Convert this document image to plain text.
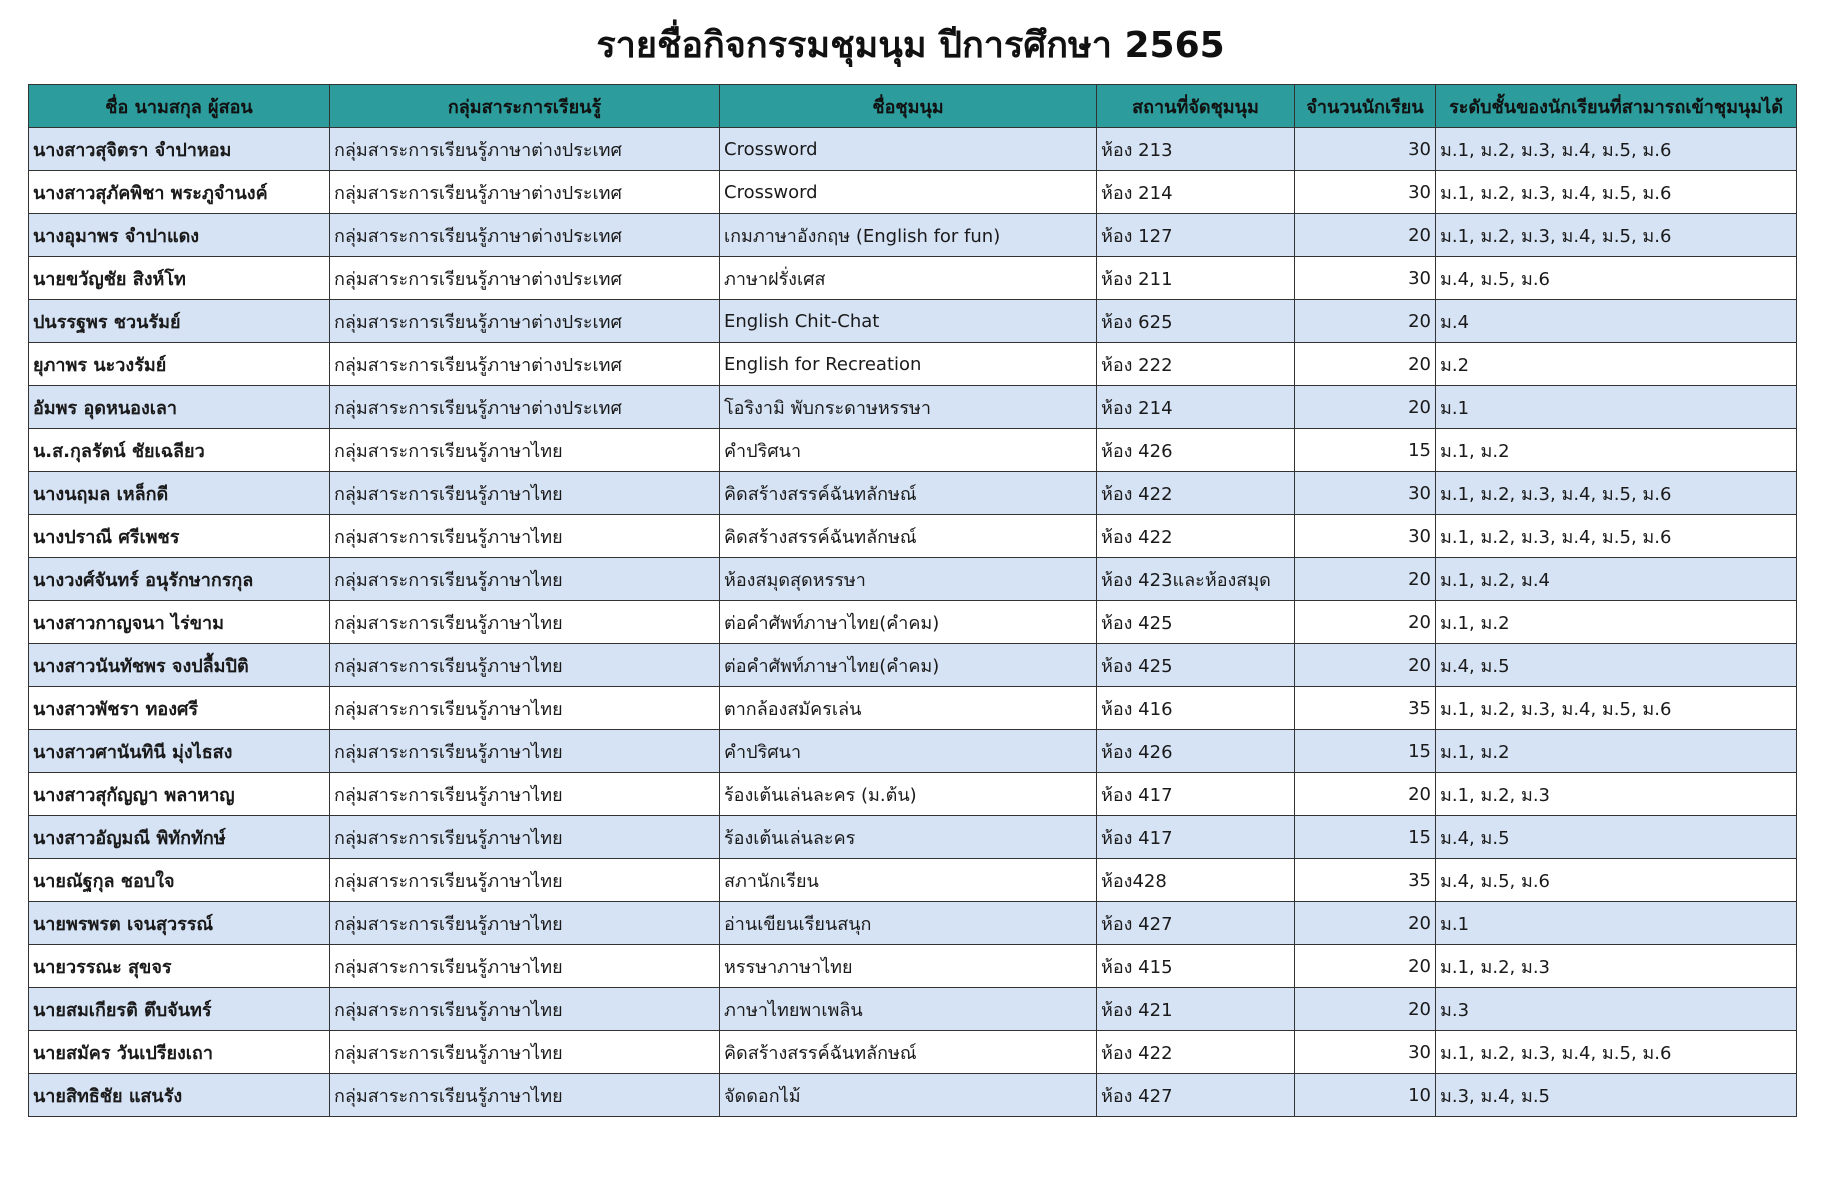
รายชื่อกิจกรรมชุมนุม ปีการศึกษา 2565
ชื่อ นามสกุล ผู้สอน	กลุ่มสาระการเรียนรู้	ชื่อชุมนุม	สถานที่จัดชุมนุม	จำนวนนักเรียน	ระดับชั้นของนักเรียนที่สามารถเข้าชุมนุมได้
นางสาวสุจิตรา จำปาหอม	กลุ่มสาระการเรียนรู้ภาษาต่างประเทศ	Crossword	ห้อง 213	30	ม.1, ม.2, ม.3, ม.4, ม.5, ม.6
นางสาวสุภัคพิชา พระภูจำนงค์	กลุ่มสาระการเรียนรู้ภาษาต่างประเทศ	Crossword	ห้อง 214	30	ม.1, ม.2, ม.3, ม.4, ม.5, ม.6
นางอุมาพร จำปาแดง	กลุ่มสาระการเรียนรู้ภาษาต่างประเทศ	เกมภาษาอังกฤษ (English for fun)	ห้อง 127	20	ม.1, ม.2, ม.3, ม.4, ม.5, ม.6
นายขวัญชัย สิงห์โท	กลุ่มสาระการเรียนรู้ภาษาต่างประเทศ	ภาษาฝรั่งเศส	ห้อง 211	30	ม.4, ม.5, ม.6
ปนรรฐพร ชวนรัมย์	กลุ่มสาระการเรียนรู้ภาษาต่างประเทศ	English Chit-Chat	ห้อง 625	20	ม.4
ยุภาพร นะวงรัมย์	กลุ่มสาระการเรียนรู้ภาษาต่างประเทศ	English for Recreation	ห้อง 222	20	ม.2
อัมพร อุดหนองเลา	กลุ่มสาระการเรียนรู้ภาษาต่างประเทศ	โอริงามิ พับกระดาษหรรษา	ห้อง 214	20	ม.1
น.ส.กุลรัตน์ ชัยเฉลียว	กลุ่มสาระการเรียนรู้ภาษาไทย	คำปริศนา	ห้อง 426	15	ม.1, ม.2
นางนฤมล เหล็กดี	กลุ่มสาระการเรียนรู้ภาษาไทย	คิดสร้างสรรค์ฉันทลักษณ์	ห้อง 422	30	ม.1, ม.2, ม.3, ม.4, ม.5, ม.6
นางปราณี ศรีเพชร	กลุ่มสาระการเรียนรู้ภาษาไทย	คิดสร้างสรรค์ฉันทลักษณ์	ห้อง 422	30	ม.1, ม.2, ม.3, ม.4, ม.5, ม.6
นางวงศ์จันทร์ อนุรักษากรกุล	กลุ่มสาระการเรียนรู้ภาษาไทย	ห้องสมุดสุดหรรษา	ห้อง 423และห้องสมุด	20	ม.1, ม.2, ม.4
นางสาวกาญจนา ไร่ขาม	กลุ่มสาระการเรียนรู้ภาษาไทย	ต่อคำศัพท์ภาษาไทย(คำคม)	ห้อง 425	20	ม.1, ม.2
นางสาวนันทัชพร จงปลื้มปิติ	กลุ่มสาระการเรียนรู้ภาษาไทย	ต่อคำศัพท์ภาษาไทย(คำคม)	ห้อง 425	20	ม.4, ม.5
นางสาวพัชรา ทองศรี	กลุ่มสาระการเรียนรู้ภาษาไทย	ตากล้องสมัครเล่น	ห้อง 416	35	ม.1, ม.2, ม.3, ม.4, ม.5, ม.6
นางสาวศานันทินี มุ่งไธสง	กลุ่มสาระการเรียนรู้ภาษาไทย	คำปริศนา	ห้อง 426	15	ม.1, ม.2
นางสาวสุกัญญา พลาหาญ	กลุ่มสาระการเรียนรู้ภาษาไทย	ร้องเต้นเล่นละคร (ม.ต้น)	ห้อง 417	20	ม.1, ม.2, ม.3
นางสาวอัญมณี พิทักทักษ์	กลุ่มสาระการเรียนรู้ภาษาไทย	ร้องเต้นเล่นละคร	ห้อง 417	15	ม.4, ม.5
นายณัฐกุล ชอบใจ	กลุ่มสาระการเรียนรู้ภาษาไทย	สภานักเรียน	ห้อง428	35	ม.4, ม.5, ม.6
นายพรพรต เจนสุวรรณ์	กลุ่มสาระการเรียนรู้ภาษาไทย	อ่านเขียนเรียนสนุก	ห้อง 427	20	ม.1
นายวรรณะ สุขจร	กลุ่มสาระการเรียนรู้ภาษาไทย	หรรษาภาษาไทย	ห้อง 415	20	ม.1, ม.2, ม.3
นายสมเกียรติ ตึบจันทร์	กลุ่มสาระการเรียนรู้ภาษาไทย	ภาษาไทยพาเพลิน	ห้อง 421	20	ม.3
นายสมัคร วันเปรียงเถา	กลุ่มสาระการเรียนรู้ภาษาไทย	คิดสร้างสรรค์ฉันทลักษณ์	ห้อง 422	30	ม.1, ม.2, ม.3, ม.4, ม.5, ม.6
นายสิทธิชัย แสนรัง	กลุ่มสาระการเรียนรู้ภาษาไทย	จัดดอกไม้	ห้อง 427	10	ม.3, ม.4, ม.5
